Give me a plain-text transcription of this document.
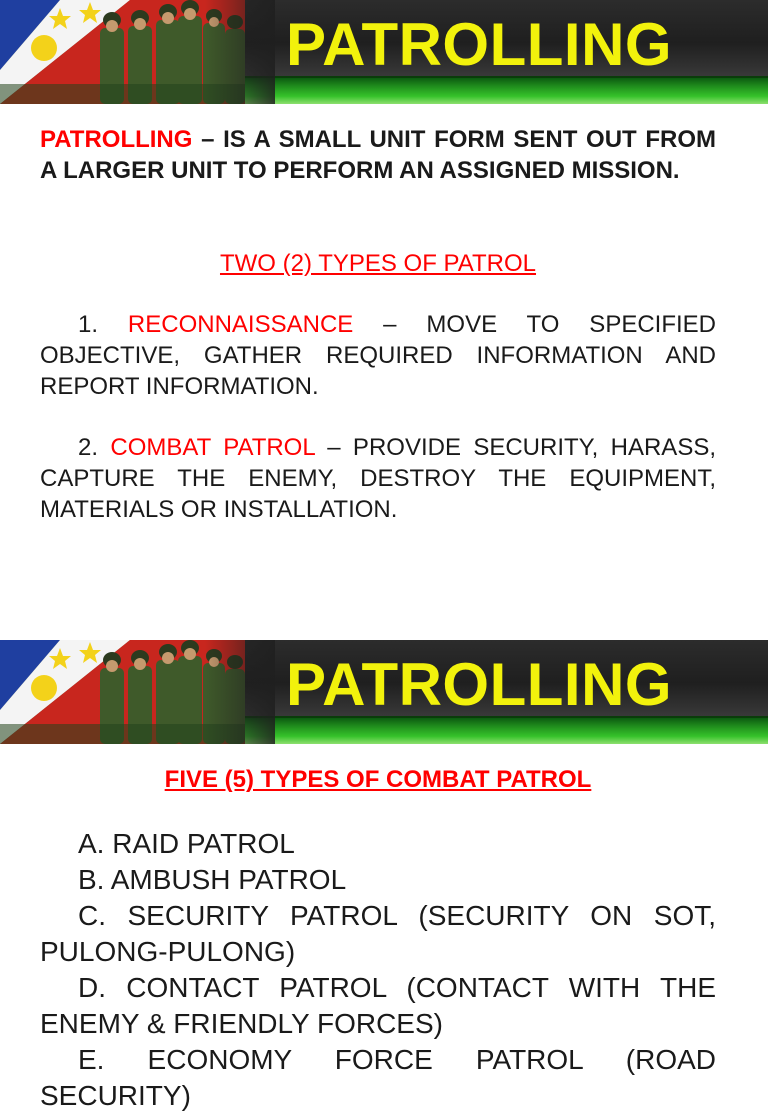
PATROLLING

PATROLLING – IS A SMALL UNIT FORM SENT OUT FROM A LARGER UNIT TO PERFORM AN ASSIGNED MISSION.

TWO (2) TYPES OF PATROL

1. RECONNAISSANCE – MOVE TO SPECIFIED OBJECTIVE, GATHER REQUIRED INFORMATION AND REPORT INFORMATION.

2. COMBAT PATROL – PROVIDE SECURITY, HARASS, CAPTURE THE ENEMY, DESTROY THE EQUIPMENT, MATERIALS OR INSTALLATION.

PATROLLING

FIVE (5) TYPES OF COMBAT PATROL

A. RAID PATROL

B. AMBUSH PATROL

C. SECURITY PATROL (SECURITY ON SOT, PULONG-PULONG)

D. CONTACT PATROL (CONTACT WITH THE ENEMY & FRIENDLY FORCES)

E. ECONOMY FORCE PATROL (ROAD SECURITY)
